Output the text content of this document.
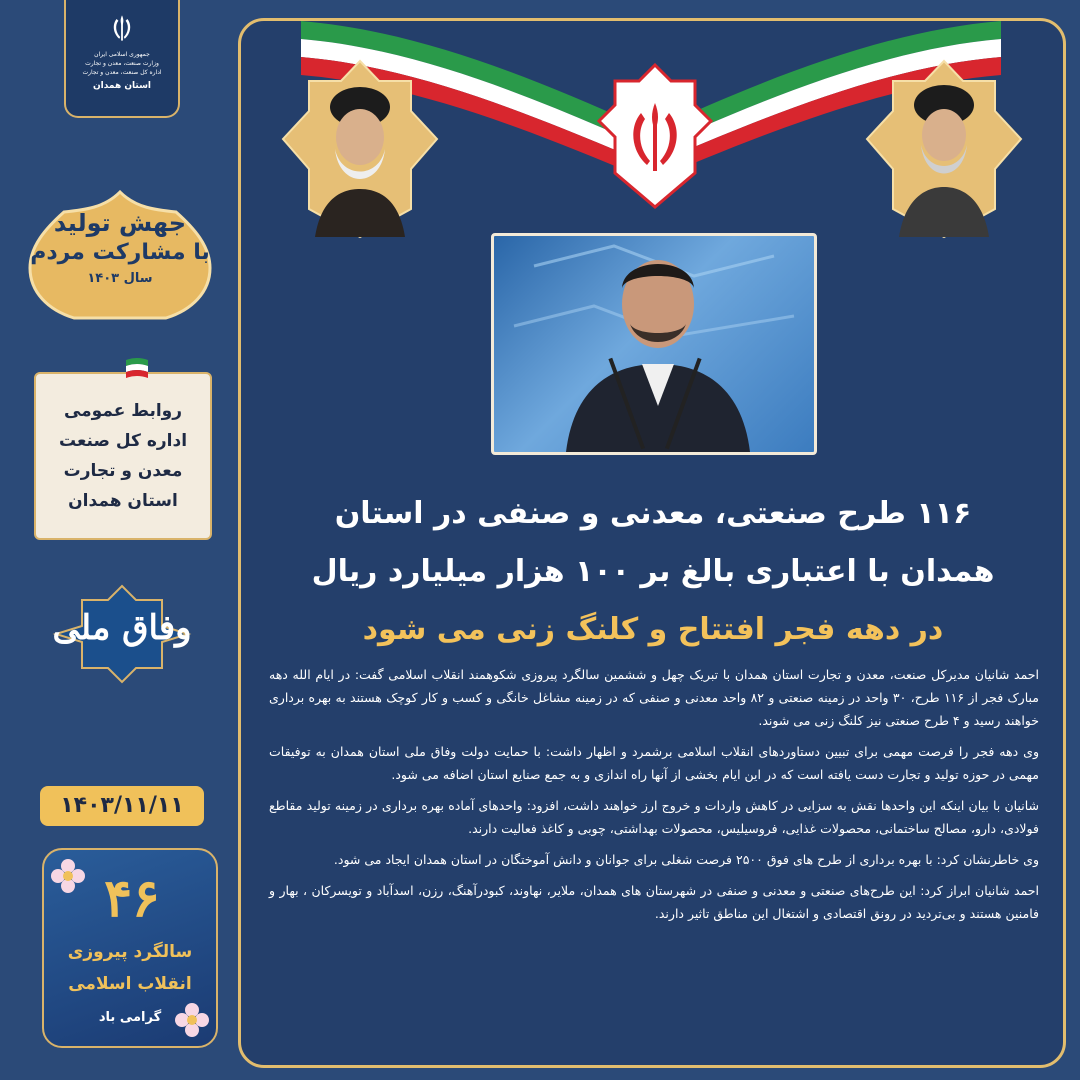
جمهوری اسلامی ایران
وزارت صنعت، معدن و تجارت
اداره کل صنعت، معدن و تجارت
استان همدان
جهش تولید
با مشارکت مردم
سال ۱۴۰۳
روابط عمومی
اداره کل صنعت
معدن و تجارت
استان همدان
وفاق ملی
۱۴۰۳/۱۱/۱۱
۴۶
سالگرد پیروزی
انقلاب اسلامی
گرامی باد
۱۱۶ طرح صنعتی، معدنی و صنفی در استان
همدان با اعتباری بالغ بر ۱۰۰ هزار میلیارد ریال
در دهه فجر افتتاح و کلنگ زنی می شود

احمد شانیان مدیرکل صنعت، معدن و تجارت استان همدان با تبریک چهل و ششمین سالگرد پیروزی شکوهمند انقلاب اسلامی گفت: در ایام الله دهه مبارک فجر از ۱۱۶ طرح، ۳۰ واحد در زمینه صنعتی و ۸۲ واحد معدنی و صنفی که در زمینه مشاغل خانگی و کسب و کار کوچک هستند به بهره برداری خواهند رسید و ۴ طرح صنعتی نیز کلنگ زنی می شوند.

وی دهه فجر را فرصت مهمی برای تبیین دستاوردهای انقلاب اسلامی برشمرد و اظهار داشت: با حمایت دولت وفاق ملی استان همدان به توفیقات مهمی در حوزه تولید و تجارت دست یافته است که در این ایام بخشی از آنها راه اندازی و به جمع صنایع استان اضافه می شود.

شانیان با بیان اینکه این واحدها نقش به سزایی در کاهش واردات و خروج ارز خواهند داشت، افزود: واحدهای آماده بهره برداری در زمینه تولید مقاطع فولادی، دارو، مصالح ساختمانی، محصولات غذایی، فروسیلیس، محصولات بهداشتی، چوبی و کاغذ فعالیت دارند.

وی خاطرنشان کرد: با بهره برداری از طرح های فوق ۲۵۰۰ فرصت شغلی برای جوانان و دانش آموختگان در استان همدان ایجاد می شود.

احمد شانیان ابراز کرد: این طرح‌های صنعتی و معدنی و صنفی در شهرستان های همدان، ملایر، نهاوند، کبودرآهنگ، رزن، اسدآباد و تویسرکان ، بهار و فامنین هستند و بی‌تردید در رونق اقتصادی و اشتغال این مناطق تاثیر دارند.
